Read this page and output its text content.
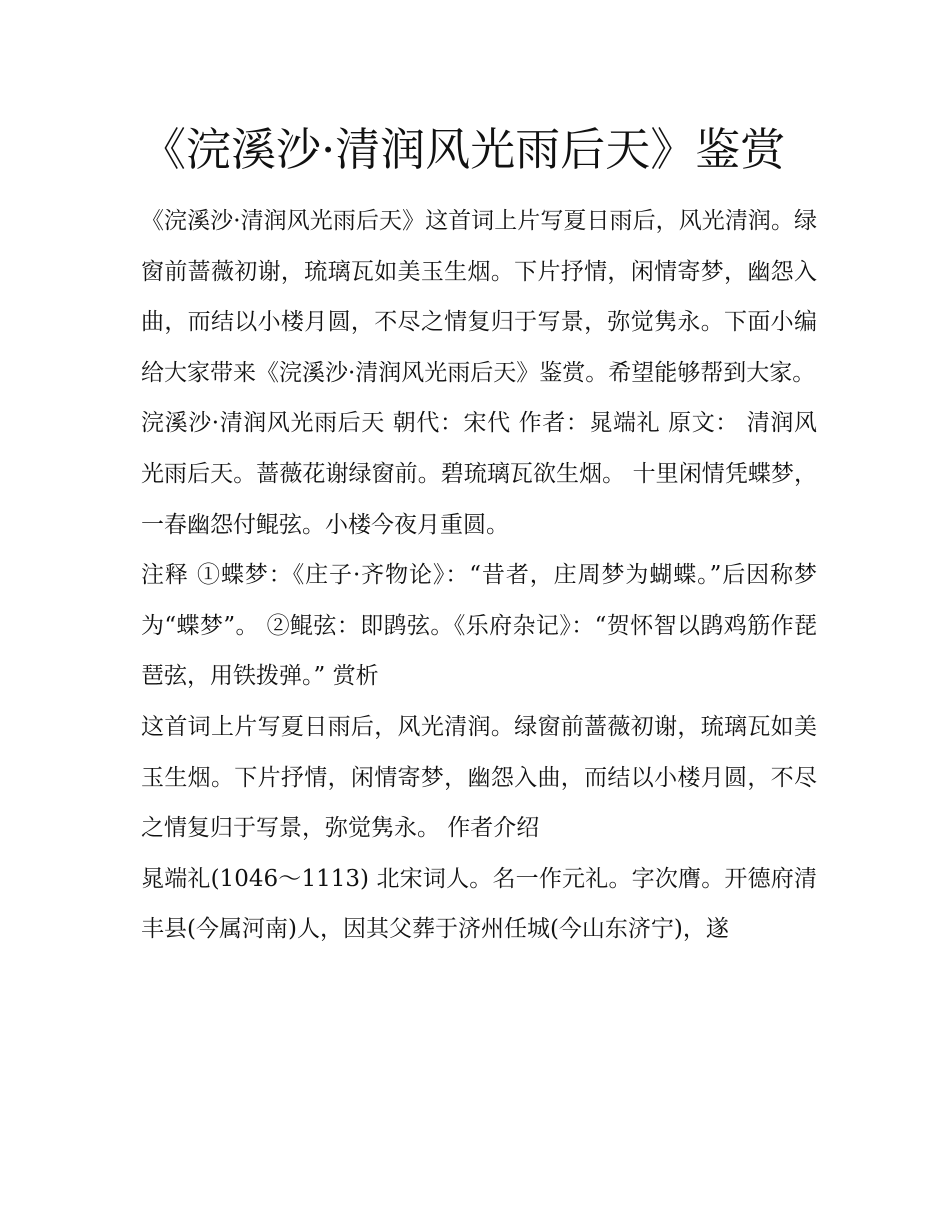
《浣溪沙·清润风光雨后天》鉴赏

《浣溪沙·清润风光雨后天》这首词上片写夏日雨后，风光清润。绿窗前蔷薇初谢，琉璃瓦如美玉生烟。下片抒情，闲情寄梦，幽怨入曲，而结以小楼月圆，不尽之情复归于写景，弥觉隽永。下面小编给大家带来《浣溪沙·清润风光雨后天》鉴赏。希望能够帮到大家。

浣溪沙·清润风光雨后天 朝代：宋代 作者：晁端礼 原文： 清润风光雨后天。蔷薇花谢绿窗前。碧琉璃瓦欲生烟。 十里闲情凭蝶梦，一春幽怨付鲲弦。小楼今夜月重圆。

注释 ①蝶梦：《庄子·齐物论》：“昔者，庄周梦为蝴蝶。”后因称梦为“蝶梦”。 ②鲲弦：即鹍弦。《乐府杂记》：“贺怀智以鹍鸡筋作琵琶弦，用铁拨弹。” 赏析

这首词上片写夏日雨后，风光清润。绿窗前蔷薇初谢，琉璃瓦如美玉生烟。下片抒情，闲情寄梦，幽怨入曲，而结以小楼月圆，不尽之情复归于写景，弥觉隽永。 作者介绍

晁端礼(1046～1113) 北宋词人。名一作元礼。字次膺。开德府清丰县(今属河南)人，因其父葬于济州任城(今山东济宁)，遂
